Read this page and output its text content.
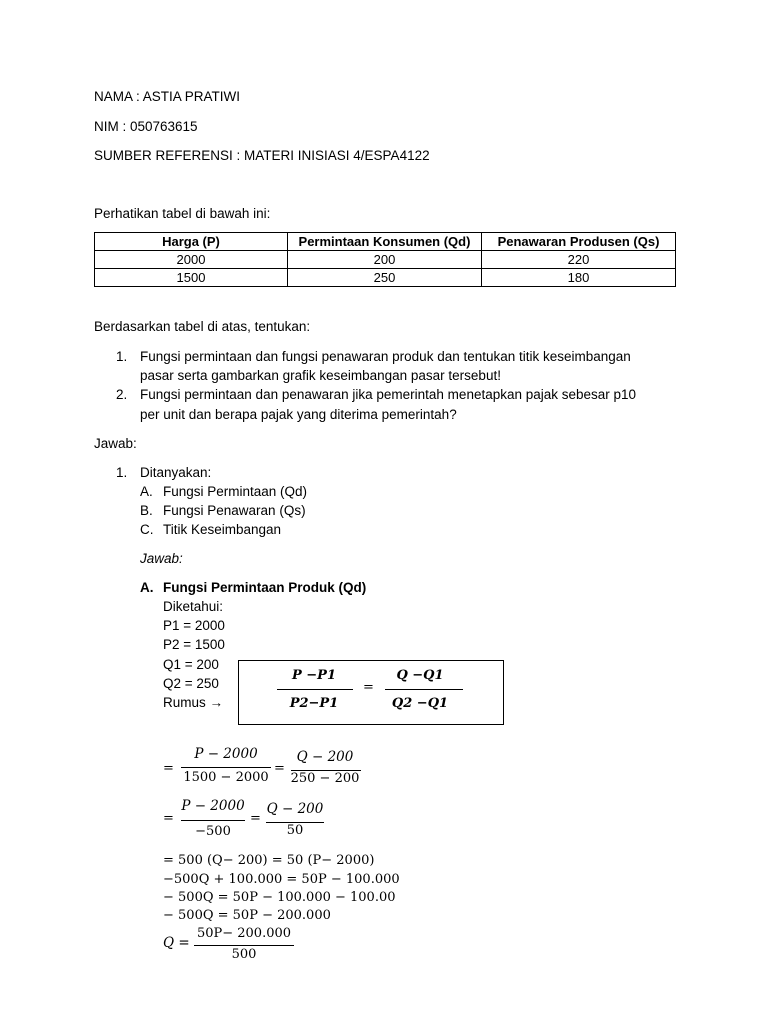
NAMA : ASTIA PRATIWI
NIM : 050763615
SUMBER REFERENSI : MATERI INISIASI 4/ESPA4122
Perhatikan tabel di bawah ini:
Harga (P)	Permintaan Konsumen (Qd)	Penawaran Produsen (Qs)
2000	200	220
1500	250	180
Berdasarkan tabel di atas, tentukan:
1. Fungsi permintaan dan fungsi penawaran produk dan tentukan titik keseimbangan
pasar serta gambarkan grafik keseimbangan pasar tersebut!
2. Fungsi permintaan dan penawaran jika pemerintah menetapkan pajak sebesar p10
per unit dan berapa pajak yang diterima pemerintah?
Jawab:
1. Ditanyakan:
A. Fungsi Permintaan (Qd)
B. Fungsi Penawaran (Qs)
C. Titik Keseimbangan
Jawab:
A. Fungsi Permintaan Produk (Qd)
Diketahui:
P1 = 2000
P2 = 1500
Q1 = 200
Q2 = 250
Rumus →
P −P1
P2−P1
=
Q −Q1
Q2 −Q1
=
P − 2000
1500 − 2000
=
Q − 200
250 − 200
=
P − 2000
−500
=
Q − 200
50
= 500 (Q− 200) = 50 (P− 2000)
−500Q + 100.000 = 50P − 100.000
− 500Q = 50P − 100.000 − 100.00
− 500Q = 50P − 200.000
Q =
50P− 200.000
500
